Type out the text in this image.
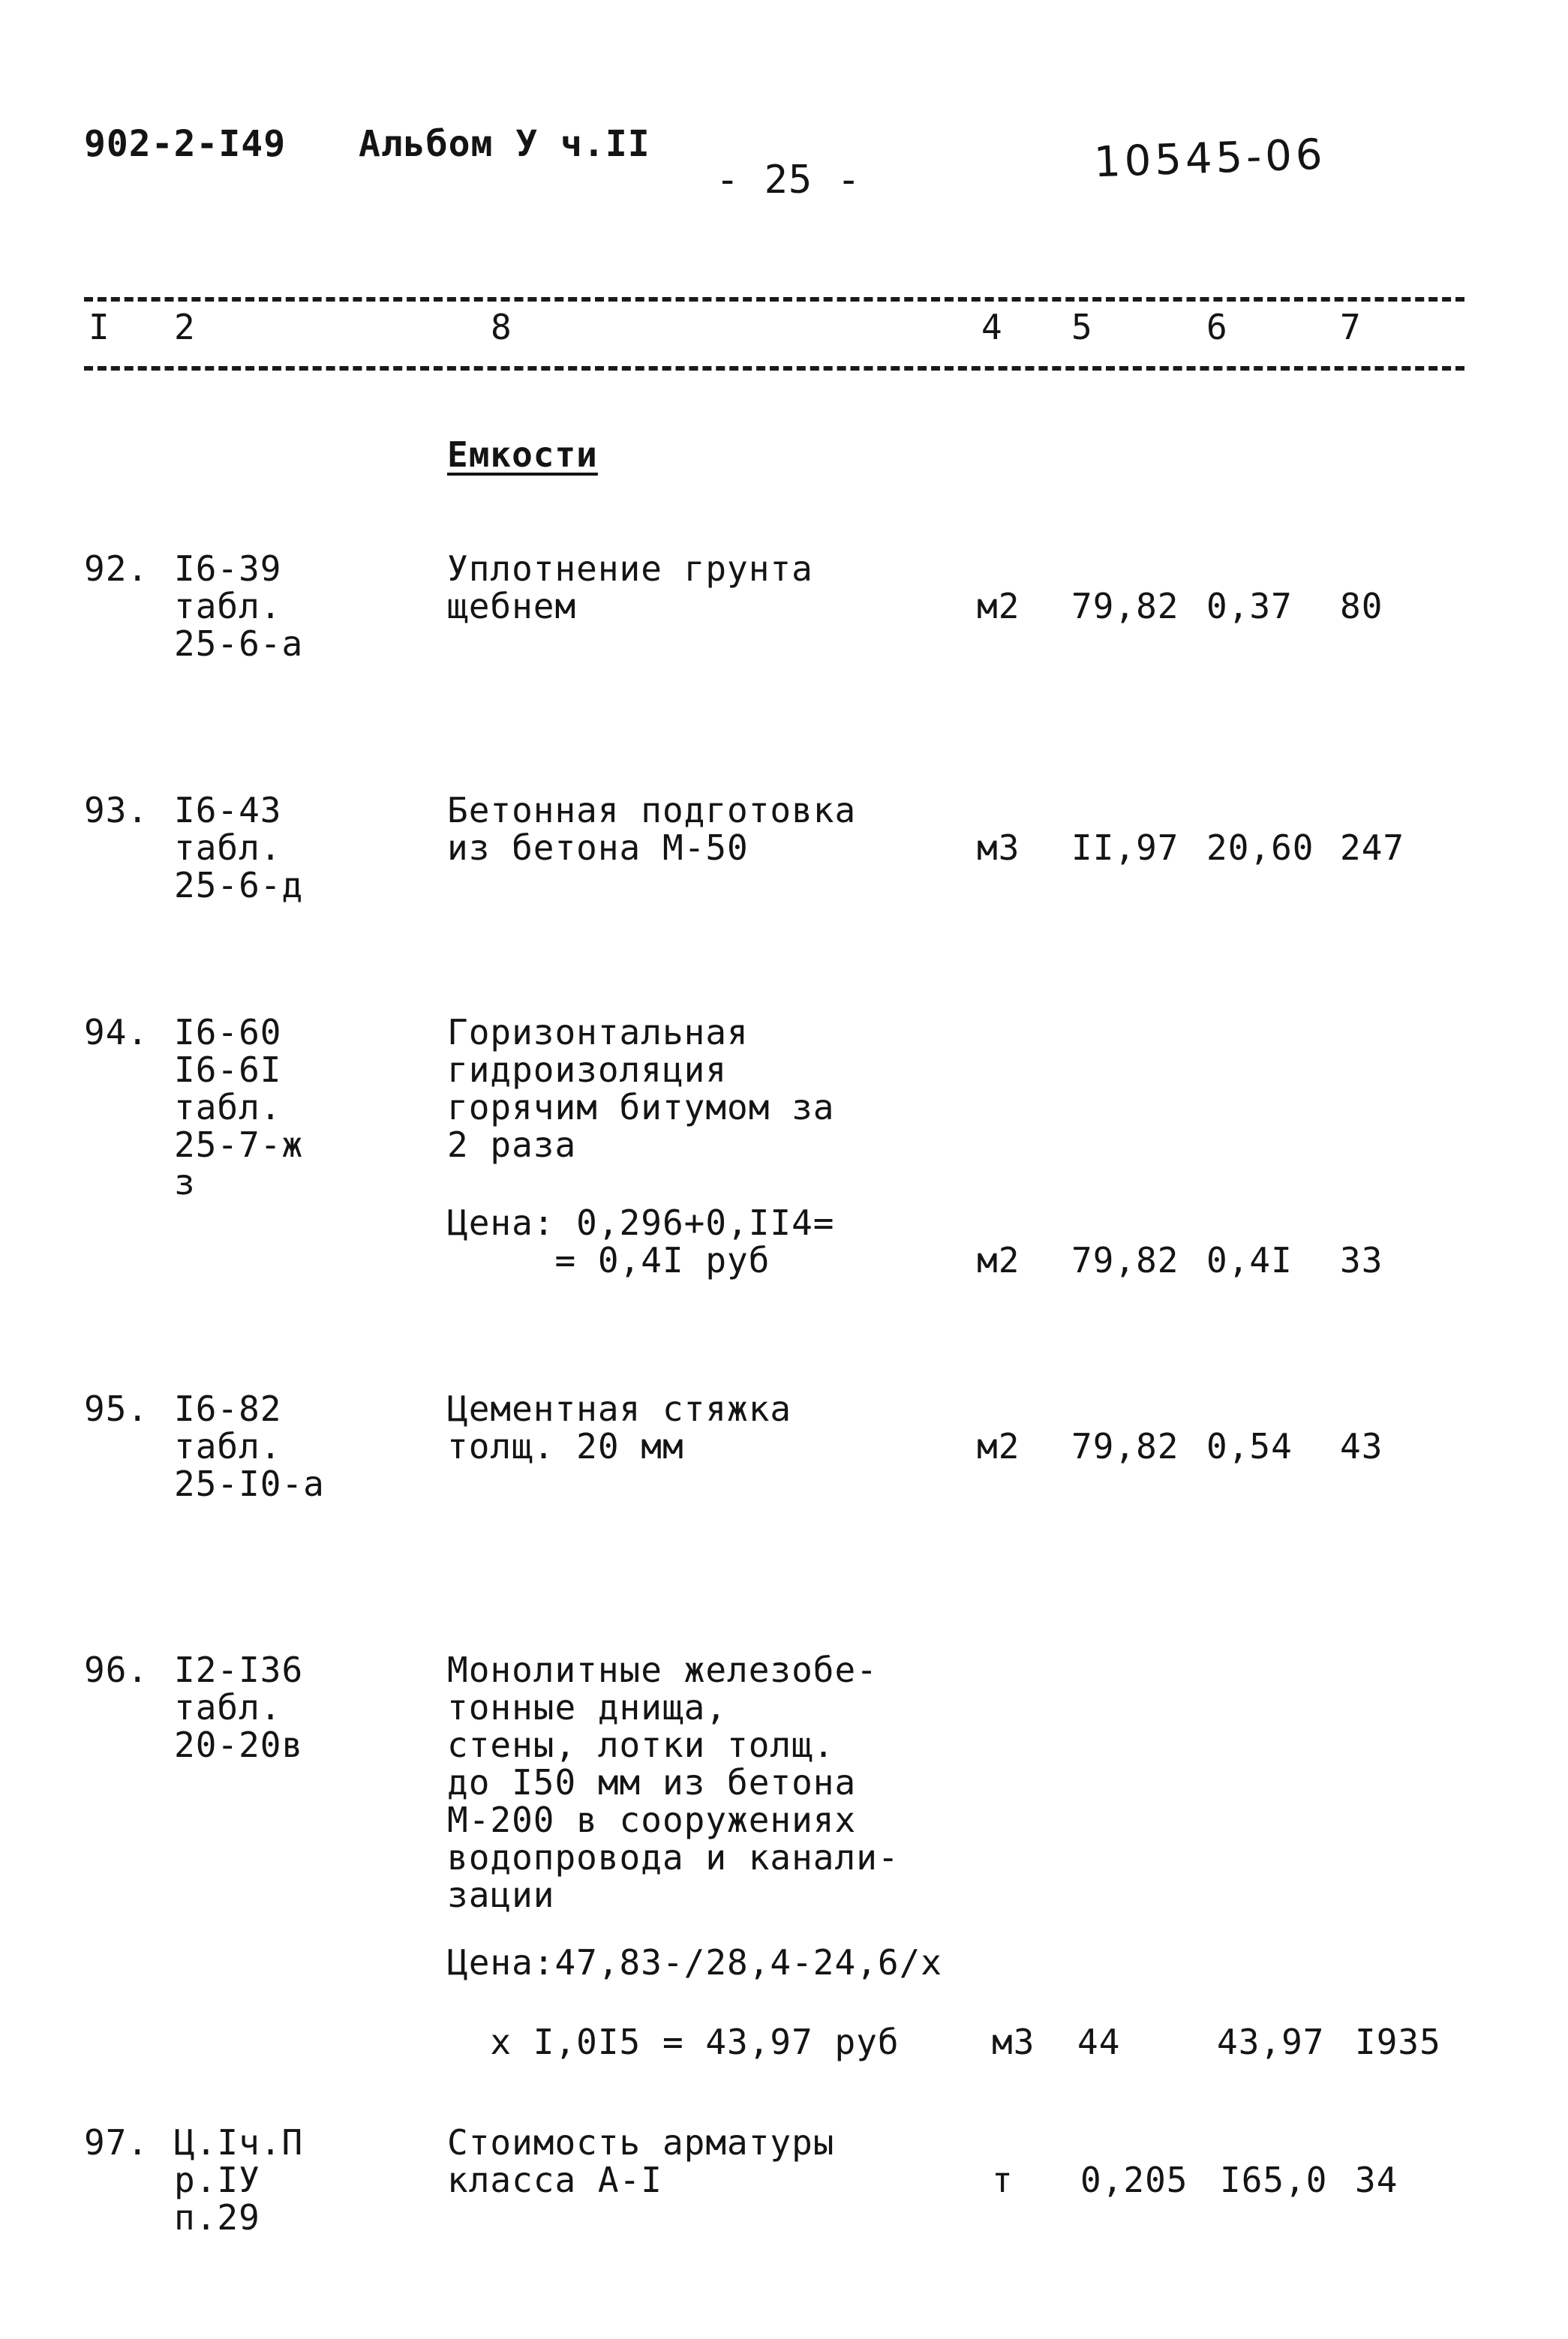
902-2-I49 Альбом У ч.II
- 25 -	10545-06
I 2	8	4 5	6	7
Емкости
92. I6-39
табл.
25-6-а
Уплотнение грунта
щебнем	м2 79,82 0,37 80
93. I6-43
табл.
25-6-д
Бетонная подготовка
из бетона М-50	м3 II,97 20,60 247
94. I6-60
I6-6I
табл.
25-7-ж
з
Горизонтальная
гидроизоляция
горячим битумом за
2 раза
Цена: 0,296+0,II4=
= 0,4I руб	м2 79,82 0,4I 33
95. I6-82
табл.
25-I0-а
Цементная стяжка
толщ. 20 мм	м2 79,82 0,54 43
96. I2-I36
табл.
20-20в
Монолитные железобе-
тонные днища,
стены, лотки толщ.
до I50 мм из бетона
М-200 в сооружениях
водопровода и канали-
зации
Цена:47,83-/28,4-24,6/х
х I,0I5 = 43,97 руб	м3 44	43,97 I935
97. Ц.Iч.П
р.IУ
п.29
Стоимость арматуры
класса А-I	т 0,205 I65,0 34
